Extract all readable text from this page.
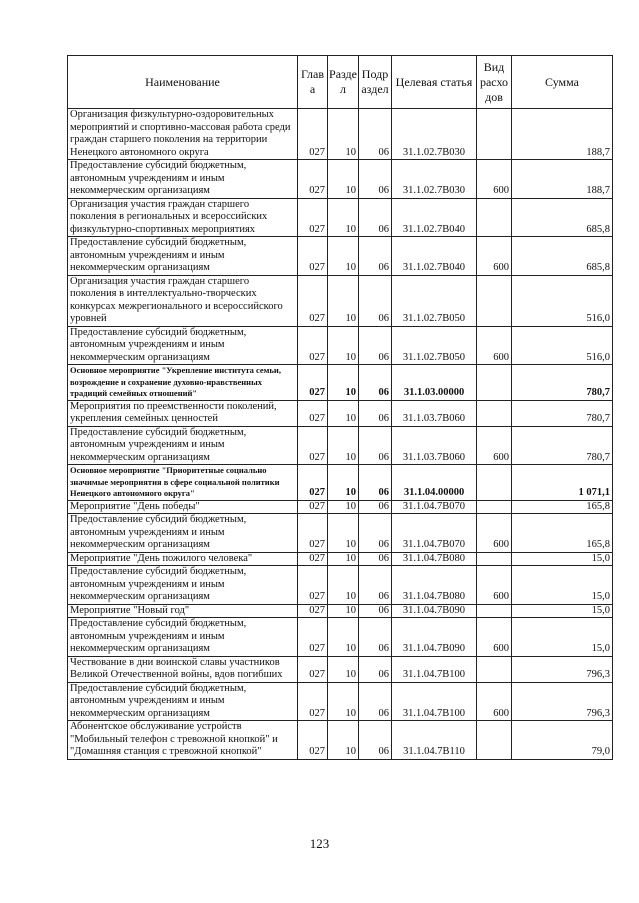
Наименование	Глав а	Разде л	Подр аздел	Целевая статья	Вид расхо дов	Сумма
Организация физкультурно-оздоровительных мероприятий и спортивно-массовая работа среди граждан старшего поколения на территории Ненецкого автономного округа	027	10	06	31.1.02.7В030		188,7
Предоставление субсидий бюджетным, автономным учреждениям и иным некоммерческим организациям	027	10	06	31.1.02.7В030	600	188,7
Организация участия граждан старшего поколения в региональных и всероссийских физкультурно-спортивных мероприятиях	027	10	06	31.1.02.7В040		685,8
Предоставление субсидий бюджетным, автономным учреждениям и иным некоммерческим организациям	027	10	06	31.1.02.7В040	600	685,8
Организация участия граждан старшего поколения в интеллектуально-творческих конкурсах межрегионального и всероссийского уровней	027	10	06	31.1.02.7В050		516,0
Предоставление субсидий бюджетным, автономным учреждениям и иным некоммерческим организациям	027	10	06	31.1.02.7В050	600	516,0
Основное мероприятие "Укрепление института семьи, возрождение и сохранение духовно-нравственных традиций семейных отношений"	027	10	06	31.1.03.00000		780,7
Мероприятия по преемственности поколений, укрепления семейных ценностей	027	10	06	31.1.03.7В060		780,7
Предоставление субсидий бюджетным, автономным учреждениям и иным некоммерческим организациям	027	10	06	31.1.03.7В060	600	780,7
Основное мероприятие "Приоритетные социально значимые мероприятия в сфере социальной политики Ненецкого автономного округа"	027	10	06	31.1.04.00000		1 071,1
Мероприятие "День победы"	027	10	06	31.1.04.7В070		165,8
Предоставление субсидий бюджетным, автономным учреждениям и иным некоммерческим организациям	027	10	06	31.1.04.7В070	600	165,8
Мероприятие "День пожилого человека"	027	10	06	31.1.04.7В080		15,0
Предоставление субсидий бюджетным, автономным учреждениям и иным некоммерческим организациям	027	10	06	31.1.04.7В080	600	15,0
Мероприятие "Новый год"	027	10	06	31.1.04.7В090		15,0
Предоставление субсидий бюджетным, автономным учреждениям и иным некоммерческим организациям	027	10	06	31.1.04.7В090	600	15,0
Чествование в дни воинской славы участников Великой Отечественной войны, вдов погибших	027	10	06	31.1.04.7В100		796,3
Предоставление субсидий бюджетным, автономным учреждениям и иным некоммерческим организациям	027	10	06	31.1.04.7В100	600	796,3
Абонентское обслуживание устройств "Мобильный телефон с тревожной кнопкой" и "Домашняя станция с тревожной кнопкой"	027	10	06	31.1.04.7В110		79,0
123
